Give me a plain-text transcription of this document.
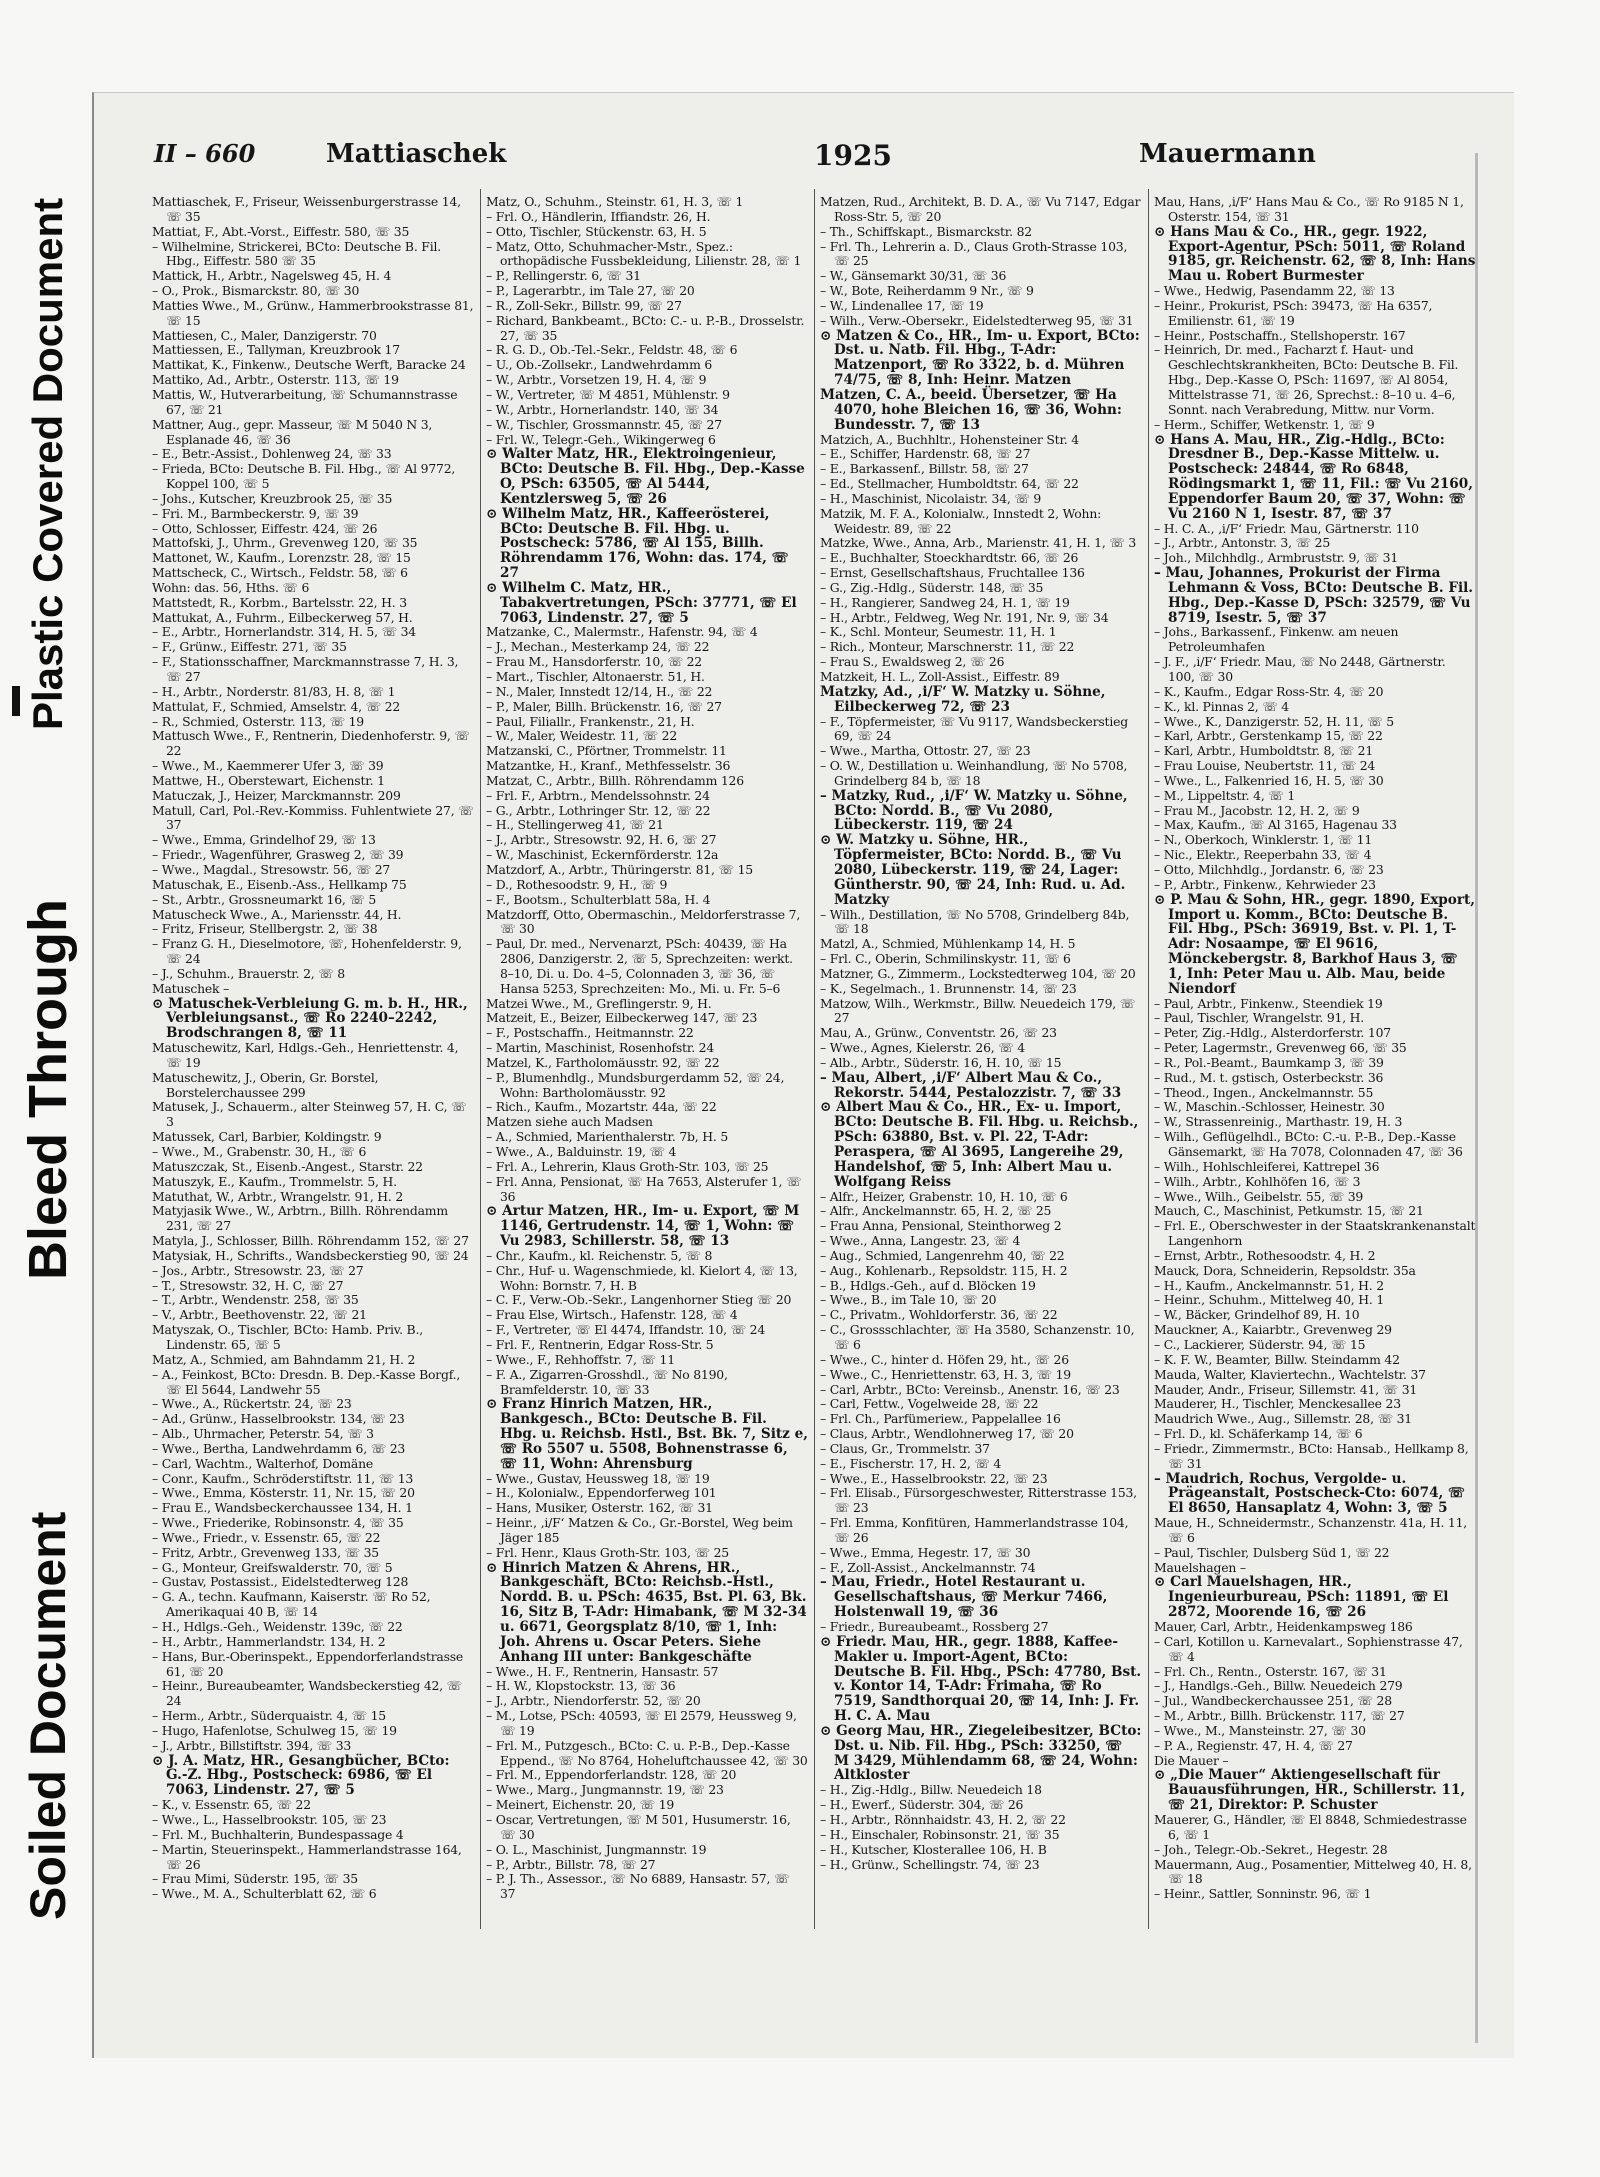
Plastic Covered Document
Bleed Through
Soiled Document
II – 660	Mattiaschek	1925	Mauermann

Mattiaschek, F., Friseur, Weissenburgerstrasse 14, ☏ 35

Mattiat, F., Abt.-Vorst., Eiffestr. 580, ☏ 35

– Wilhelmine, Strickerei, BCto: Deutsche B. Fil. Hbg., Eiffestr. 580 ☏ 35

Mattick, H., Arbtr., Nagelsweg 45, H. 4

– O., Prok., Bismarckstr. 80, ☏ 30

Matties Wwe., M., Grünw., Hammerbrookstrasse 81, ☏ 15

Mattiesen, C., Maler, Danzigerstr. 70

Mattiessen, E., Tallyman, Kreuzbrook 17

Mattikat, K., Finkenw., Deutsche Werft, Baracke 24

Mattiko, Ad., Arbtr., Osterstr. 113, ☏ 19

Mattis, W., Hutverarbeitung, ☏ Schumannstrasse 67, ☏ 21

Mattner, Aug., gepr. Masseur, ☏ M 5040 N 3, Esplanade 46, ☏ 36

– E., Betr.-Assist., Dohlenweg 24, ☏ 33

– Frieda, BCto: Deutsche B. Fil. Hbg., ☏ Al 9772, Koppel 100, ☏ 5

– Johs., Kutscher, Kreuzbrook 25, ☏ 35

– Fri. M., Barmbeckerstr. 9, ☏ 39

– Otto, Schlosser, Eiffestr. 424, ☏ 26

Mattofski, J., Uhrm., Grevenweg 120, ☏ 35

Mattonet, W., Kaufm., Lorenzstr. 28, ☏ 15

Mattscheck, C., Wirtsch., Feldstr. 58, ☏ 6

Wohn: das. 56, Hths. ☏ 6

Mattstedt, R., Korbm., Bartelsstr. 22, H. 3

Mattukat, A., Fuhrm., Eilbeckerweg 57, H.

– E., Arbtr., Hornerlandstr. 314, H. 5, ☏ 34

– F., Grünw., Eiffestr. 271, ☏ 35

– F., Stationsschaffner, Marckmannstrasse 7, H. 3, ☏ 27

– H., Arbtr., Norderstr. 81/83, H. 8, ☏ 1

Mattulat, F., Schmied, Amselstr. 4, ☏ 22

– R., Schmied, Osterstr. 113, ☏ 19

Mattusch Wwe., F., Rentnerin, Diedenhoferstr. 9, ☏ 22

– Wwe., M., Kaemmerer Ufer 3, ☏ 39

Mattwe, H., Oberstewart, Eichenstr. 1

Matuczak, J., Heizer, Marckmannstr. 209

Matull, Carl, Pol.-Rev.-Kommiss. Fuhlentwiete 27, ☏ 37

– Wwe., Emma, Grindelhof 29, ☏ 13

– Friedr., Wagenführer, Grasweg 2, ☏ 39

– Wwe., Magdal., Stresowstr. 56, ☏ 27

Matuschak, E., Eisenb.-Ass., Hellkamp 75

– St., Arbtr., Grossneumarkt 16, ☏ 5

Matuscheck Wwe., A., Mariensstr. 44, H.

– Fritz, Friseur, Stellbergstr. 2, ☏ 38

– Franz G. H., Dieselmotore, ☏, Hohenfelderstr. 9, ☏ 24

– J., Schuhm., Brauerstr. 2, ☏ 8

Matuschek –

⊙ Matuschek-Verbleiung G. m. b. H., HR., Verbleiungsanst., ☏ Ro 2240–2242, Brodschrangen 8, ☏ 11

Matuschewitz, Karl, Hdlgs.-Geh., Henriettenstr. 4, ☏ 19

Matuschewitz, J., Oberin, Gr. Borstel, Borstelerchaussee 299

Matusek, J., Schauerm., alter Steinweg 57, H. C, ☏ 3

Matussek, Carl, Barbier, Koldingstr. 9

– Wwe., M., Grabenstr. 30, H., ☏ 6

Matuszczak, St., Eisenb.-Angest., Starstr. 22

Matuszyk, E., Kaufm., Trommelstr. 5, H.

Matuthat, W., Arbtr., Wrangelstr. 91, H. 2

Matyjasik Wwe., W., Arbtrn., Billh. Röhrendamm 231, ☏ 27

Matyla, J., Schlosser, Billh. Röhrendamm 152, ☏ 27

Matysiak, H., Schrifts., Wandsbeckerstieg 90, ☏ 24

– Jos., Arbtr., Stresowstr. 23, ☏ 27

– T., Stresowstr. 32, H. C, ☏ 27

– T., Arbtr., Wendenstr. 258, ☏ 35

– V., Arbtr., Beethovenstr. 22, ☏ 21

Matyszak, O., Tischler, BCto: Hamb. Priv. B., Lindenstr. 65, ☏ 5

Matz, A., Schmied, am Bahndamm 21, H. 2

– A., Feinkost, BCto: Dresdn. B. Dep.-Kasse Borgf., ☏ El 5644, Landwehr 55

– Wwe., A., Rückertstr. 24, ☏ 23

– Ad., Grünw., Hasselbrookstr. 134, ☏ 23

– Alb., Uhrmacher, Peterstr. 54, ☏ 3

– Wwe., Bertha, Landwehrdamm 6, ☏ 23

– Carl, Wachtm., Walterhof, Domäne

– Conr., Kaufm., Schröderstiftstr. 11, ☏ 13

– Wwe., Emma, Kösterstr. 11, Nr. 15, ☏ 20

– Frau E., Wandsbeckerchaussee 134, H. 1

– Wwe., Friederike, Robinsonstr. 4, ☏ 35

– Wwe., Friedr., v. Essenstr. 65, ☏ 22

– Fritz, Arbtr., Grevenweg 133, ☏ 35

– G., Monteur, Greifswalderstr. 70, ☏ 5

– Gustav, Postassist., Eidelstedterweg 128

– G. A., techn. Kaufmann, Kaiserstr. ☏ Ro 52, Amerikaquai 40 B, ☏ 14

– H., Hdlgs.-Geh., Weidenstr. 139c, ☏ 22

– H., Arbtr., Hammerlandstr. 134, H. 2

– Hans, Bur.-Oberinspekt., Eppendorferlandstrasse 61, ☏ 20

– Heinr., Bureaubeamter, Wandsbeckerstieg 42, ☏ 24

– Herm., Arbtr., Süderquaistr. 4, ☏ 15

– Hugo, Hafenlotse, Schulweg 15, ☏ 19

– J., Arbtr., Billstiftstr. 394, ☏ 33

⊙ J. A. Matz, HR., Gesangbücher, BCto: G.-Z. Hbg., Postscheck: 6986, ☏ El 7063, Lindenstr. 27, ☏ 5

– K., v. Essenstr. 65, ☏ 22

– Wwe., L., Hasselbrookstr. 105, ☏ 23

– Frl. M., Buchhalterin, Bundespassage 4

– Martin, Steuerinspekt., Hammerlandstrasse 164, ☏ 26

– Frau Mimi, Süderstr. 195, ☏ 35

– Wwe., M. A., Schulterblatt 62, ☏ 6

Matz, O., Schuhm., Steinstr. 61, H. 3, ☏ 1

– Frl. O., Händlerin, Iffiandstr. 26, H.

– Otto, Tischler, Stückenstr. 63, H. 5

– Matz, Otto, Schuhmacher-Mstr., Spez.: orthopädische Fussbekleidung, Lilienstr. 28, ☏ 1

– P., Rellingerstr. 6, ☏ 31

– P., Lagerarbtr., im Tale 27, ☏ 20

– R., Zoll-Sekr., Billstr. 99, ☏ 27

– Richard, Bankbeamt., BCto: C.- u. P.-B., Drosselstr. 27, ☏ 35

– R. G. D., Ob.-Tel.-Sekr., Feldstr. 48, ☏ 6

– U., Ob.-Zollsekr., Landwehrdamm 6

– W., Arbtr., Vorsetzen 19, H. 4, ☏ 9

– W., Vertreter, ☏ M 4851, Mühlenstr. 9

– W., Arbtr., Hornerlandstr. 140, ☏ 34

– W., Tischler, Grossmannstr. 45, ☏ 27

– Frl. W., Telegr.-Geh., Wikingerweg 6

⊙ Walter Matz, HR., Elektroingenieur, BCto: Deutsche B. Fil. Hbg., Dep.-Kasse O, PSch: 63505, ☏ Al 5444, Kentzlersweg 5, ☏ 26

⊙ Wilhelm Matz, HR., Kaffeerösterei, BCto: Deutsche B. Fil. Hbg. u. Postscheck: 5786, ☏ Al 155, Billh. Röhrendamm 176, Wohn: das. 174, ☏ 27

⊙ Wilhelm C. Matz, HR., Tabakvertretungen, PSch: 37771, ☏ El 7063, Lindenstr. 27, ☏ 5

Matzanke, C., Malermstr., Hafenstr. 94, ☏ 4

– J., Mechan., Mesterkamp 24, ☏ 22

– Frau M., Hansdorferstr. 10, ☏ 22

– Mart., Tischler, Altonaerstr. 51, H.

– N., Maler, Innstedt 12/14, H., ☏ 22

– P., Maler, Billh. Brückenstr. 16, ☏ 27

– Paul, Filiallr., Frankenstr., 21, H.

– W., Maler, Weidestr. 11, ☏ 22

Matzanski, C., Pförtner, Trommelstr. 11

Matzantke, H., Kranf., Methfesselstr. 36

Matzat, C., Arbtr., Billh. Röhrendamm 126

– Frl. F., Arbtrn., Mendelssohnstr. 24

– G., Arbtr., Lothringer Str. 12, ☏ 22

– H., Stellingerweg 41, ☏ 21

– J., Arbtr., Stresowstr. 92, H. 6, ☏ 27

– W., Maschinist, Eckernförderstr. 12a

Matzdorf, A., Arbtr., Thüringerstr. 81, ☏ 15

– D., Rothesoodstr. 9, H., ☏ 9

– F., Bootsm., Schulterblatt 58a, H. 4

Matzdorff, Otto, Obermaschin., Meldorferstrasse 7, ☏ 30

– Paul, Dr. med., Nervenarzt, PSch: 40439, ☏ Ha 2806, Danzigerstr. 2, ☏ 5, Sprechzeiten: werkt. 8–10, Di. u. Do. 4–5, Colonnaden 3, ☏ 36, ☏ Hansa 5253, Sprechzeiten: Mo., Mi. u. Fr. 5–6

Matzei Wwe., M., Greflingerstr. 9, H.

Matzeit, E., Beizer, Eilbeckerweg 147, ☏ 23

– F., Postschaffn., Heitmannstr. 22

– Martin, Maschinist, Rosenhofstr. 24

Matzel, K., Fartholomäusstr. 92, ☏ 22

– P., Blumenhdlg., Mundsburgerdamm 52, ☏ 24, Wohn: Bartholomäusstr. 92

– Rich., Kaufm., Mozartstr. 44a, ☏ 22

Matzen siehe auch Madsen

– A., Schmied, Marienthalerstr. 7b, H. 5

– Wwe., A., Balduinstr. 19, ☏ 4

– Frl. A., Lehrerin, Klaus Groth-Str. 103, ☏ 25

– Frl. Anna, Pensionat, ☏ Ha 7653, Alsterufer 1, ☏ 36

⊙ Artur Matzen, HR., Im- u. Export, ☏ M 1146, Gertrudenstr. 14, ☏ 1, Wohn: ☏ Vu 2983, Schillerstr. 58, ☏ 13

– Chr., Kaufm., kl. Reichenstr. 5, ☏ 8

– Chr., Huf- u. Wagenschmiede, kl. Kielort 4, ☏ 13, Wohn: Bornstr. 7, H. B

– C. F., Verw.-Ob.-Sekr., Langenhorner Stieg ☏ 20

– Frau Else, Wirtsch., Hafenstr. 128, ☏ 4

– F., Vertreter, ☏ El 4474, Iffandstr. 10, ☏ 24

– Frl. F., Rentnerin, Edgar Ross-Str. 5

– Wwe., F., Rehhoffstr. 7, ☏ 11

– F. A., Zigarren-Grosshdl., ☏ No 8190, Bramfelderstr. 10, ☏ 33

⊙ Franz Hinrich Matzen, HR., Bankgesch., BCto: Deutsche B. Fil. Hbg. u. Reichsb. Hstl., Bst. Bk. 7, Sitz e, ☏ Ro 5507 u. 5508, Bohnenstrasse 6, ☏ 11, Wohn: Ahrensburg

– Wwe., Gustav, Heussweg 18, ☏ 19

– H., Kolonialw., Eppendorferweg 101

– Hans, Musiker, Osterstr. 162, ☏ 31

– Heinr., ‚i/F‘ Matzen & Co., Gr.-Borstel, Weg beim Jäger 185

– Frl. Henr., Klaus Groth-Str. 103, ☏ 25

⊙ Hinrich Matzen & Ahrens, HR., Bankgeschäft, BCto: Reichsb.-Hstl., Nordd. B. u. PSch: 4635, Bst. Pl. 63, Bk. 16, Sitz B, T-Adr: Himabank, ☏ M 32-34 u. 6671, Georgsplatz 8/10, ☏ 1, Inh: Joh. Ahrens u. Oscar Peters. Siehe Anhang III unter: Bankgeschäfte

– Wwe., H. F., Rentnerin, Hansastr. 57

– H. W., Klopstockstr. 13, ☏ 36

– J., Arbtr., Niendorferstr. 52, ☏ 20

– M., Lotse, PSch: 40593, ☏ El 2579, Heussweg 9, ☏ 19

– Frl. M., Putzgesch., BCto: C. u. P.-B., Dep.-Kasse Eppend., ☏ No 8764, Hoheluftchaussee 42, ☏ 30

– Frl. M., Eppendorferlandstr. 128, ☏ 20

– Wwe., Marg., Jungmannstr. 19, ☏ 23

– Meinert, Eichenstr. 20, ☏ 19

– Oscar, Vertretungen, ☏ M 501, Husumerstr. 16, ☏ 30

– O. L., Maschinist, Jungmannstr. 19

– P., Arbtr., Billstr. 78, ☏ 27

– P. J. Th., Assessor., ☏ No 6889, Hansastr. 57, ☏ 37

Matzen, Rud., Architekt, B. D. A., ☏ Vu 7147, Edgar Ross-Str. 5, ☏ 20

– Th., Schiffskapt., Bismarckstr. 82

– Frl. Th., Lehrerin a. D., Claus Groth-Strasse 103, ☏ 25

– W., Gänsemarkt 30/31, ☏ 36

– W., Bote, Reiherdamm 9 Nr., ☏ 9

– W., Lindenallee 17, ☏ 19

– Wilh., Verw.-Obersekr., Eidelstedterweg 95, ☏ 31

⊙ Matzen & Co., HR., Im- u. Export, BCto: Dst. u. Natb. Fil. Hbg., T-Adr: Matzenport, ☏ Ro 3322, b. d. Mühren 74/75, ☏ 8, Inh: Heinr. Matzen

Matzen, C. A., beeid. Übersetzer, ☏ Ha 4070, hohe Bleichen 16, ☏ 36, Wohn: Bundesstr. 7, ☏ 13

Matzich, A., Buchhltr., Hohensteiner Str. 4

– E., Schiffer, Hardenstr. 68, ☏ 27

– E., Barkassenf., Billstr. 58, ☏ 27

– Ed., Stellmacher, Humboldtstr. 64, ☏ 22

– H., Maschinist, Nicolaistr. 34, ☏ 9

Matzik, M. F. A., Kolonialw., Innstedt 2, Wohn: Weidestr. 89, ☏ 22

Matzke, Wwe., Anna, Arb., Marienstr. 41, H. 1, ☏ 3

– E., Buchhalter, Stoeckhardtstr. 66, ☏ 26

– Ernst, Gesellschaftshaus, Fruchtallee 136

– G., Zig.-Hdlg., Süderstr. 148, ☏ 35

– H., Rangierer, Sandweg 24, H. 1, ☏ 19

– H., Arbtr., Feldweg, Weg Nr. 191, Nr. 9, ☏ 34

– K., Schl. Monteur, Seumestr. 11, H. 1

– Rich., Monteur, Marschnerstr. 11, ☏ 22

– Frau S., Ewaldsweg 2, ☏ 26

Matzkeit, H. L., Zoll-Assist., Eiffestr. 89

Matzky, Ad., ‚i/F‘ W. Matzky u. Söhne, Eilbeckerweg 72, ☏ 23

– F., Töpfermeister, ☏ Vu 9117, Wandsbeckerstieg 69, ☏ 24

– Wwe., Martha, Ottostr. 27, ☏ 23

– O. W., Destillation u. Weinhandlung, ☏ No 5708, Grindelberg 84 b, ☏ 18

– Matzky, Rud., ‚i/F‘ W. Matzky u. Söhne, BCto: Nordd. B., ☏ Vu 2080, Lübeckerstr. 119, ☏ 24

⊙ W. Matzky u. Söhne, HR., Töpfermeister, BCto: Nordd. B., ☏ Vu 2080, Lübeckerstr. 119, ☏ 24, Lager: Güntherstr. 90, ☏ 24, Inh: Rud. u. Ad. Matzky

– Wilh., Destillation, ☏ No 5708, Grindelberg 84b, ☏ 18

Matzl, A., Schmied, Mühlenkamp 14, H. 5

– Frl. C., Oberin, Schmilinskystr. 11, ☏ 6

Matzner, G., Zimmerm., Lockstedterweg 104, ☏ 20

– K., Segelmach., 1. Brunnenstr. 14, ☏ 23

Matzow, Wilh., Werkmstr., Billw. Neuedeich 179, ☏ 27

Mau, A., Grünw., Conventstr. 26, ☏ 23

– Wwe., Agnes, Kielerstr. 26, ☏ 4

– Alb., Arbtr., Süderstr. 16, H. 10, ☏ 15

– Mau, Albert, ‚i/F‘ Albert Mau & Co., Rekorstr. 5444, Pestalozzistr. 7, ☏ 33

⊙ Albert Mau & Co., HR., Ex- u. Import, BCto: Deutsche B. Fil. Hbg. u. Reichsb., PSch: 63880, Bst. v. Pl. 22, T-Adr: Peraspera, ☏ Al 3695, Langereihe 29, Handelshof, ☏ 5, Inh: Albert Mau u. Wolfgang Reiss

– Alfr., Heizer, Grabenstr. 10, H. 10, ☏ 6

– Alfr., Anckelmannstr. 65, H. 2, ☏ 25

– Frau Anna, Pensional, Steinthorweg 2

– Wwe., Anna, Langestr. 23, ☏ 4

– Aug., Schmied, Langenrehm 40, ☏ 22

– Aug., Kohlenarb., Repsoldstr. 115, H. 2

– B., Hdlgs.-Geh., auf d. Blöcken 19

– Wwe., B., im Tale 10, ☏ 20

– C., Privatm., Wohldorferstr. 36, ☏ 22

– C., Grossschlachter, ☏ Ha 3580, Schanzenstr. 10, ☏ 6

– Wwe., C., hinter d. Höfen 29, ht., ☏ 26

– Wwe., C., Henriettenstr. 63, H. 3, ☏ 19

– Carl, Arbtr., BCto: Vereinsb., Anenstr. 16, ☏ 23

– Carl, Fettw., Vogelweide 28, ☏ 22

– Frl. Ch., Parfümeriew., Pappelallee 16

– Claus, Arbtr., Wendlohnerweg 17, ☏ 20

– Claus, Gr., Trommelstr. 37

– E., Fischerstr. 17, H. 2, ☏ 4

– Wwe., E., Hasselbrookstr. 22, ☏ 23

– Frl. Elisab., Fürsorgeschwester, Ritterstrasse 153, ☏ 23

– Frl. Emma, Konfitüren, Hammerlandstrasse 104, ☏ 26

– Wwe., Emma, Hegestr. 17, ☏ 30

– F., Zoll-Assist., Anckelmannstr. 74

– Mau, Friedr., Hotel Restaurant u. Gesellschaftshaus, ☏ Merkur 7466, Holstenwall 19, ☏ 36

– Friedr., Bureaubeamt., Rossberg 27

⊙ Friedr. Mau, HR., gegr. 1888, Kaffee-Makler u. Import-Agent, BCto: Deutsche B. Fil. Hbg., PSch: 47780, Bst. v. Kontor 14, T-Adr: Frimaha, ☏ Ro 7519, Sandthorquai 20, ☏ 14, Inh: J. Fr. H. C. A. Mau

⊙ Georg Mau, HR., Ziegeleibesitzer, BCto: Dst. u. Nib. Fil. Hbg., PSch: 33250, ☏ M 3429, Mühlendamm 68, ☏ 24, Wohn: Altkloster

– H., Zig.-Hdlg., Billw. Neuedeich 18

– H., Ewerf., Süderstr. 304, ☏ 26

– H., Arbtr., Rönnhaidstr. 43, H. 2, ☏ 22

– H., Einschaler, Robinsonstr. 21, ☏ 35

– H., Kutscher, Klosterallee 106, H. B

– H., Grünw., Schellingstr. 74, ☏ 23

Mau, Hans, ‚i/F‘ Hans Mau & Co., ☏ Ro 9185 N 1, Osterstr. 154, ☏ 31

⊙ Hans Mau & Co., HR., gegr. 1922, Export-Agentur, PSch: 5011, ☏ Roland 9185, gr. Reichenstr. 62, ☏ 8, Inh: Hans Mau u. Robert Burmester

– Wwe., Hedwig, Pasendamm 22, ☏ 13

– Heinr., Prokurist, PSch: 39473, ☏ Ha 6357, Emilienstr. 61, ☏ 19

– Heinr., Postschaffn., Stellshoperstr. 167

– Heinrich, Dr. med., Facharzt f. Haut- und Geschlechtskrankheiten, BCto: Deutsche B. Fil. Hbg., Dep.-Kasse O, PSch: 11697, ☏ Al 8054, Mittelstrasse 71, ☏ 26, Sprechst.: 8–10 u. 4–6, Sonnt. nach Verabredung, Mittw. nur Vorm.

– Herm., Schiffer, Wetkenstr. 1, ☏ 9

⊙ Hans A. Mau, HR., Zig.-Hdlg., BCto: Dresdner B., Dep.-Kasse Mittelw. u. Postscheck: 24844, ☏ Ro 6848, Rödingsmarkt 1, ☏ 11, Fil.: ☏ Vu 2160, Eppendorfer Baum 20, ☏ 37, Wohn: ☏ Vu 2160 N 1, Isestr. 87, ☏ 37

– H. C. A., ‚i/F‘ Friedr. Mau, Gärtnerstr. 110

– J., Arbtr., Antonstr. 3, ☏ 25

– Joh., Milchhdlg., Armbruststr. 9, ☏ 31

– Mau, Johannes, Prokurist der Firma Lehmann & Voss, BCto: Deutsche B. Fil. Hbg., Dep.-Kasse D, PSch: 32579, ☏ Vu 8719, Isestr. 5, ☏ 37

– Johs., Barkassenf., Finkenw. am neuen Petroleumhafen

– J. F., ‚i/F‘ Friedr. Mau, ☏ No 2448, Gärtnerstr. 100, ☏ 30

– K., Kaufm., Edgar Ross-Str. 4, ☏ 20

– K., kl. Pinnas 2, ☏ 4

– Wwe., K., Danzigerstr. 52, H. 11, ☏ 5

– Karl, Arbtr., Gerstenkamp 15, ☏ 22

– Karl, Arbtr., Humboldtstr. 8, ☏ 21

– Frau Louise, Neubertstr. 11, ☏ 24

– Wwe., L., Falkenried 16, H. 5, ☏ 30

– M., Lippeltstr. 4, ☏ 1

– Frau M., Jacobstr. 12, H. 2, ☏ 9

– Max, Kaufm., ☏ Al 3165, Hagenau 33

– N., Oberkoch, Winklerstr. 1, ☏ 11

– Nic., Elektr., Reeperbahn 33, ☏ 4

– Otto, Milchhdlg., Jordanstr. 6, ☏ 23

– P., Arbtr., Finkenw., Kehrwieder 23

⊙ P. Mau & Sohn, HR., gegr. 1890, Export, Import u. Komm., BCto: Deutsche B. Fil. Hbg., PSch: 36919, Bst. v. Pl. 1, T-Adr: Nosaampe, ☏ El 9616, Mönckebergstr. 8, Barkhof Haus 3, ☏ 1, Inh: Peter Mau u. Alb. Mau, beide Niendorf

– Paul, Arbtr., Finkenw., Steendiek 19

– Paul, Tischler, Wrangelstr. 91, H.

– Peter, Zig.-Hdlg., Alsterdorferstr. 107

– Peter, Lagermstr., Grevenweg 66, ☏ 35

– R., Pol.-Beamt., Baumkamp 3, ☏ 39

– Rud., M. t. gstisch, Osterbeckstr. 36

– Theod., Ingen., Anckelmannstr. 55

– W., Maschin.-Schlosser, Heinestr. 30

– W., Strassenreinig., Marthastr. 19, H. 3

– Wilh., Geflügelhdl., BCto: C.-u. P.-B., Dep.-Kasse Gänsemarkt, ☏ Ha 7078, Colonnaden 47, ☏ 36

– Wilh., Hohlschleiferei, Kattrepel 36

– Wilh., Arbtr., Kohlhöfen 16, ☏ 3

– Wwe., Wilh., Geibelstr. 55, ☏ 39

Mauch, C., Maschinist, Petkumstr. 15, ☏ 21

– Frl. E., Oberschwester in der Staatskrankenanstalt Langenhorn

– Ernst, Arbtr., Rothesoodstr. 4, H. 2

Mauck, Dora, Schneiderin, Repsoldstr. 35a

– H., Kaufm., Anckelmannstr. 51, H. 2

– Heinr., Schuhm., Mittelweg 40, H. 1

– W., Bäcker, Grindelhof 89, H. 10

Mauckner, A., Kaiarbtr., Grevenweg 29

– C., Lackierer, Süderstr. 94, ☏ 15

– K. F. W., Beamter, Billw. Steindamm 42

Mauda, Walter, Klaviertechn., Wachtelstr. 37

Mauder, Andr., Friseur, Sillemstr. 41, ☏ 31

Mauderer, H., Tischler, Menckesallee 23

Maudrich Wwe., Aug., Sillemstr. 28, ☏ 31

– Frl. D., kl. Schäferkamp 14, ☏ 6

– Friedr., Zimmermstr., BCto: Hansab., Hellkamp 8, ☏ 31

– Maudrich, Rochus, Vergolde- u. Prägeanstalt, Postscheck-Cto: 6074, ☏ El 8650, Hansaplatz 4, Wohn: 3, ☏ 5

Maue, H., Schneidermstr., Schanzenstr. 41a, H. 11, ☏ 6

– Paul, Tischler, Dulsberg Süd 1, ☏ 22

Mauelshagen –

⊙ Carl Mauelshagen, HR., Ingenieurbureau, PSch: 11891, ☏ El 2872, Moorende 16, ☏ 26

Mauer, Carl, Arbtr., Heidenkampsweg 186

– Carl, Kotillon u. Karnevalart., Sophienstrasse 47, ☏ 4

– Frl. Ch., Rentn., Osterstr. 167, ☏ 31

– J., Handlgs.-Geh., Billw. Neuedeich 279

– Jul., Wandbeckerchaussee 251, ☏ 28

– M., Arbtr., Billh. Brückenstr. 117, ☏ 27

– Wwe., M., Mansteinstr. 27, ☏ 30

– P. A., Regienstr. 47, H. 4, ☏ 27

Die Mauer –

⊙ „Die Mauer“ Aktiengesellschaft für Bauausführungen, HR., Schillerstr. 11, ☏ 21, Direktor: P. Schuster

Mauerer, G., Händler, ☏ El 8848, Schmiedestrasse 6, ☏ 1

– Joh., Telegr.-Ob.-Sekret., Hegestr. 28

Mauermann, Aug., Posamentier, Mittelweg 40, H. 8, ☏ 18

– Heinr., Sattler, Sonninstr. 96, ☏ 1
